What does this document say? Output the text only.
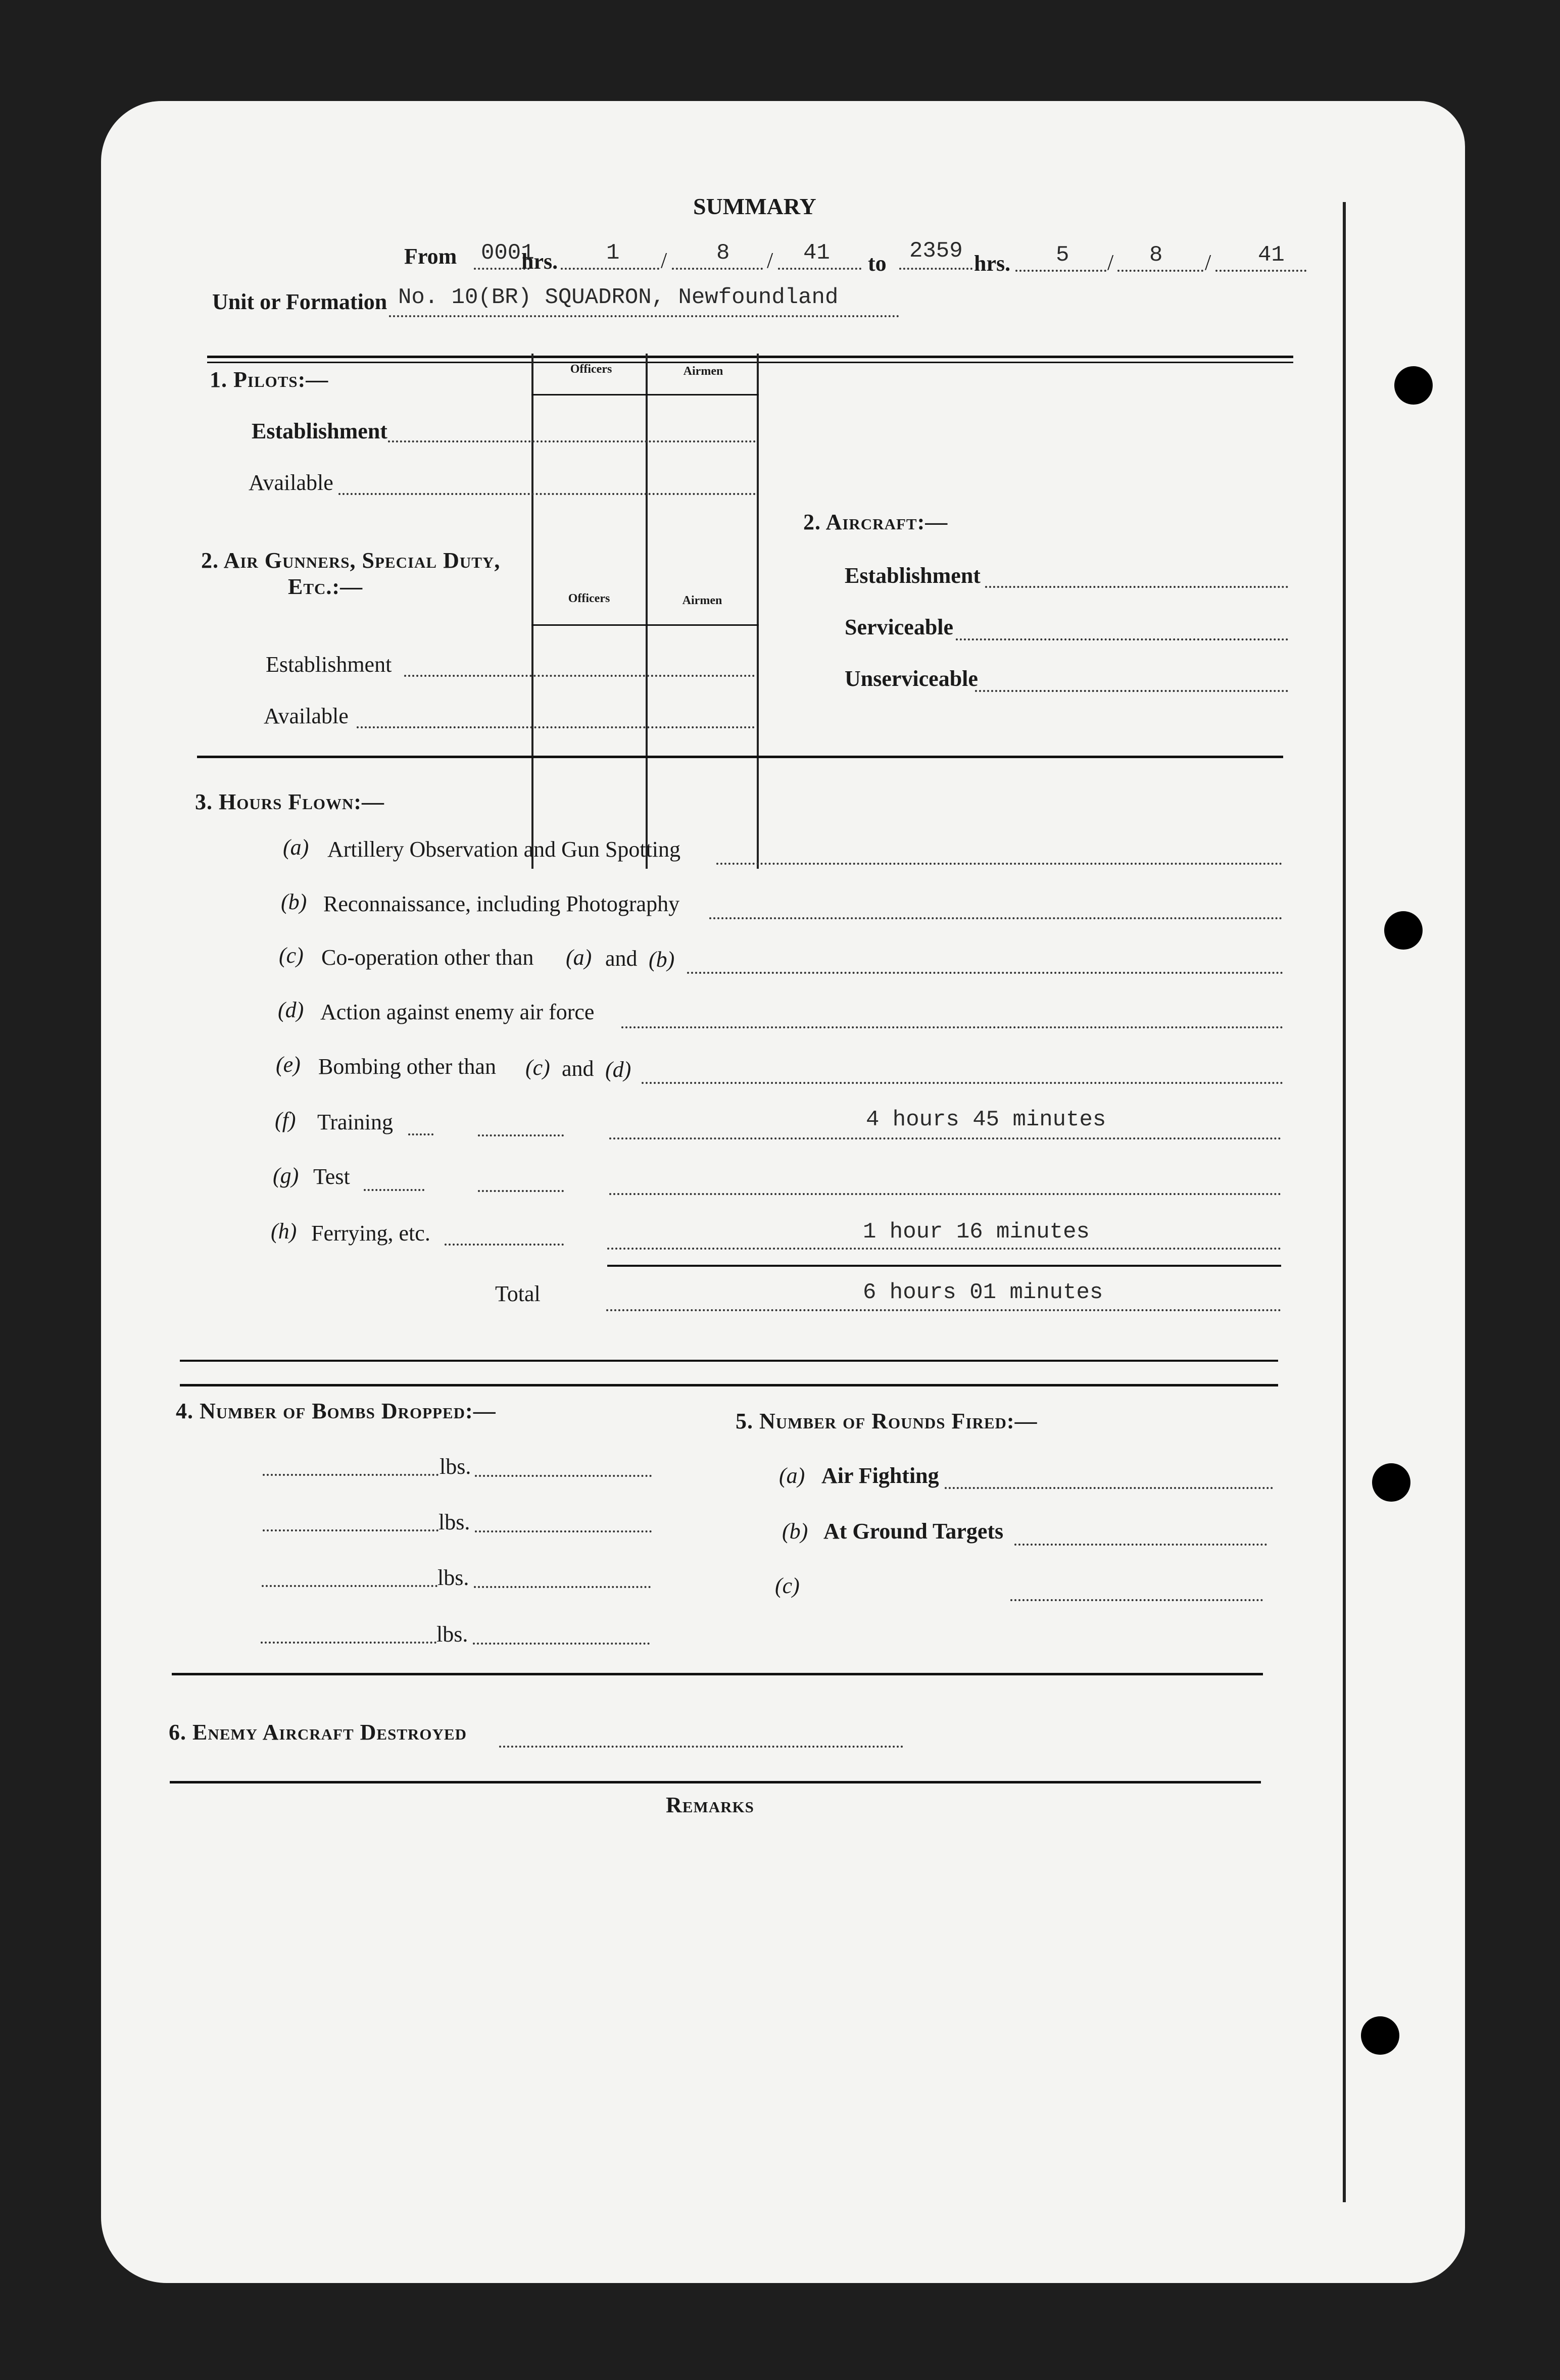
SUMMARY
From 0001
hrs. 1 / 8 / 41 to 2359 hrs. 5 / 8 / 41
Unit or Formation No. 10(BR) SQUADRON, Newfoundland
Officers	Airmen
1. Pilots:—
Establishment
Available
2. Air Gunners, Special Duty,
Etc.:—	Officers	Airmen
Establishment
Available
2. Aircraft:—
Establishment
Serviceable
Unserviceable
3. Hours Flown:—
(a) Artillery Observation and Gun Spotting
(b) Reconnaissance, including Photography
(c) Co-operation other than (a) and (b)
(d) Action against enemy air force
(e) Bombing other than (c) and (d)
(f) Training	4 hours 45 minutes
(g) Test
(h) Ferrying, etc.	1 hour 16 minutes
Total	6 hours 01 minutes
4. Number of Bombs Dropped:—
lbs.
lbs.
lbs.
lbs.
5. Number of Rounds Fired:—
(a) Air Fighting
(b) At Ground Targets
(c)
6. Enemy Aircraft Destroyed
Remarks
